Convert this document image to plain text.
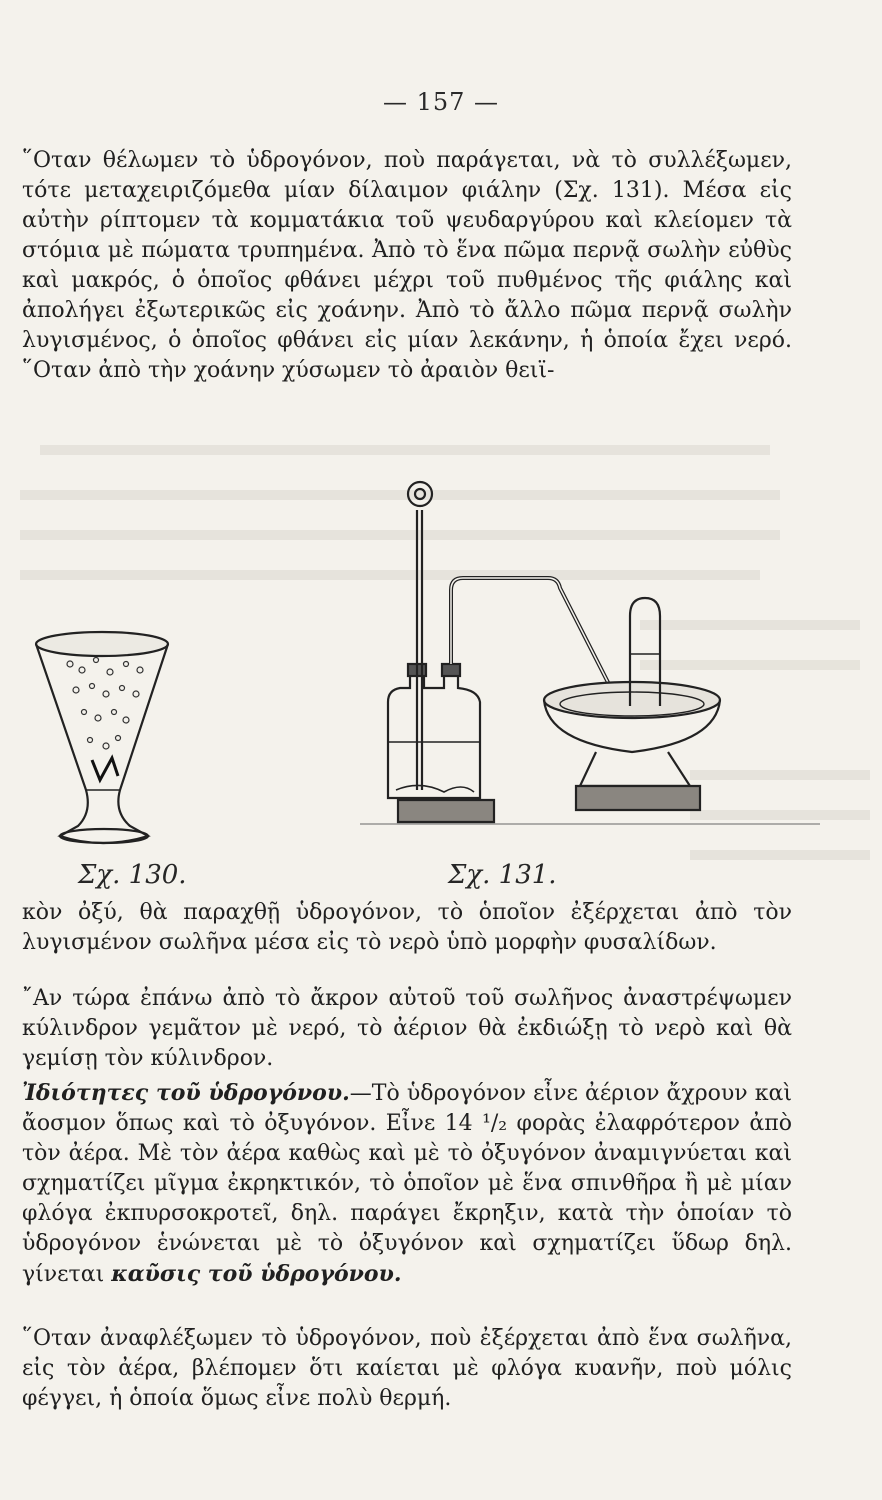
— 157 —
῞Οταν θέλωμεν τὸ ὑδρογόνον, ποὺ παράγεται, νὰ τὸ συλλέξωμεν, τότε μεταχειριζόμεθα μίαν δίλαιμον φιάλην (Σχ. 131). Μέσα εἰς αὐτὴν ρίπτομεν τὰ κομματάκια τοῦ ψευδαργύρου καὶ κλείομεν τὰ στόμια μὲ πώματα τρυπημένα. Ἀπὸ τὸ ἕνα πῶμα περνᾷ σωλὴν εὐθὺς καὶ μακρός, ὁ ὁποῖος φθάνει μέχρι τοῦ πυθμένος τῆς φιάλης καὶ ἀπολήγει ἐξωτερικῶς εἰς χοάνην. Ἀπὸ τὸ ἄλλο πῶμα περνᾷ σωλὴν λυγισμένος, ὁ ὁποῖος φθάνει εἰς μίαν λεκάνην, ἡ ὁποία ἔχει νερό. ῞Οταν ἀπὸ τὴν χοάνην χύσωμεν τὸ ἀραιὸν θειϊ-
Σχ. 130.	Σχ. 131.
κὸν ὀξύ, θὰ παραχθῇ ὑδρογόνον, τὸ ὁποῖον ἐξέρχεται ἀπὸ τὸν λυγισμένον σωλῆνα μέσα εἰς τὸ νερὸ ὑπὸ μορφὴν φυσαλίδων.
῎Αν τώρα ἐπάνω ἀπὸ τὸ ἄκρον αὐτοῦ τοῦ σωλῆνος ἀναστρέψωμεν κύλινδρον γεμᾶτον μὲ νερό, τὸ ἀέριον θὰ ἐκδιώξῃ τὸ νερὸ καὶ θὰ γεμίσῃ τὸν κύλινδρον.
Ἰδιότητες τοῦ ὑδρογόνου.—Τὸ ὑδρογόνον εἶνε ἀέριον ἄχρουν καὶ ἄοσμον ὅπως καὶ τὸ ὀξυγόνον. Εἶνε 14 ¹/₂ φορὰς ἐλαφρότερον ἀπὸ τὸν ἀέρα. Μὲ τὸν ἀέρα καθὼς καὶ μὲ τὸ ὀξυγόνον ἀναμιγνύεται καὶ σχηματίζει μῖγμα ἐκρηκτικόν, τὸ ὁποῖον μὲ ἕνα σπινθῆρα ἢ μὲ μίαν φλόγα ἐκπυρσοκροτεῖ, δηλ. παράγει ἔκρηξιν, κατὰ τὴν ὁποίαν τὸ ὑδρογόνον ἑνώνεται μὲ τὸ ὀξυγόνον καὶ σχηματίζει ὕδωρ δηλ. γίνεται καῦσις τοῦ ὑδρογόνου.
῞Οταν ἀναφλέξωμεν τὸ ὑδρογόνον, ποὺ ἐξέρχεται ἀπὸ ἕνα σωλῆνα, εἰς τὸν ἀέρα, βλέπομεν ὅτι καίεται μὲ φλόγα κυανῆν, ποὺ μόλις φέγγει, ἡ ὁποία ὅμως εἶνε πολὺ θερμή.
